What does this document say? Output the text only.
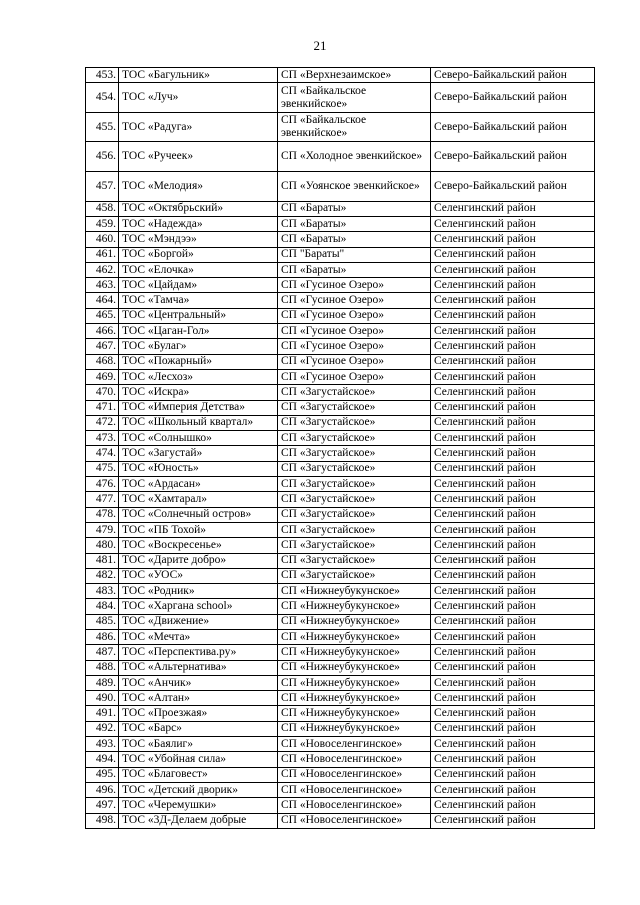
21
453.	ТОС «Багульник»	СП «Верхнезаимское»	Северо-Байкальский район
454.	ТОС «Луч»	СП «Байкальское эвенкийское»	Северо-Байкальский район
455.	ТОС «Радуга»	СП «Байкальское эвенкийское»	Северо-Байкальский район
456.	ТОС «Ручеек»	СП «Холодное эвенкийское»	Северо-Байкальский район
457.	ТОС «Мелодия»	СП «Уоянское эвенкийское»	Северо-Байкальский район
458.	ТОС «Октябрьский»	СП «Бараты»	Селенгинский район
459.	ТОС «Надежда»	СП «Бараты»	Селенгинский район
460.	ТОС «Мэндээ»	СП «Бараты»	Селенгинский район
461.	ТОС «Боргой»	СП "Бараты"	Селенгинский район
462.	ТОС «Елочка»	СП «Бараты»	Селенгинский район
463.	ТОС «Цайдам»	СП «Гусиное Озеро»	Селенгинский район
464.	ТОС «Тамча»	СП «Гусиное Озеро»	Селенгинский район
465.	ТОС «Центральный»	СП «Гусиное Озеро»	Селенгинский район
466.	ТОС «Цаган-Гол»	СП «Гусиное Озеро»	Селенгинский район
467.	ТОС «Булаг»	СП «Гусиное Озеро»	Селенгинский район
468.	ТОС «Пожарный»	СП «Гусиное Озеро»	Селенгинский район
469.	ТОС «Лесхоз»	СП «Гусиное Озеро»	Селенгинский район
470.	ТОС «Искра»	СП «Загустайское»	Селенгинский район
471.	ТОС «Империя Детства»	СП «Загустайское»	Селенгинский район
472.	ТОС «Школьный квартал»	СП «Загустайское»	Селенгинский район
473.	ТОС «Солнышко»	СП «Загустайское»	Селенгинский район
474.	ТОС «Загустай»	СП «Загустайское»	Селенгинский район
475.	ТОС «Юность»	СП «Загустайское»	Селенгинский район
476.	ТОС «Ардасан»	СП «Загустайское»	Селенгинский район
477.	ТОС «Хамтарал»	СП «Загустайское»	Селенгинский район
478.	ТОС «Солнечный остров»	СП «Загустайское»	Селенгинский район
479.	ТОС «ПБ Тохой»	СП «Загустайское»	Селенгинский район
480.	ТОС «Воскресенье»	СП «Загустайское»	Селенгинский район
481.	ТОС «Дарите добро»	СП «Загустайское»	Селенгинский район
482.	ТОС «УОС»	СП «Загустайское»	Селенгинский район
483.	ТОС «Родник»	СП «Нижнеубукунское»	Селенгинский район
484.	ТОС «Харгана school»	СП «Нижнеубукунское»	Селенгинский район
485.	ТОС «Движение»	СП «Нижнеубукунское»	Селенгинский район
486.	ТОС «Мечта»	СП «Нижнеубукунское»	Селенгинский район
487.	ТОС «Перспектива.ру»	СП «Нижнеубукунское»	Селенгинский район
488.	ТОС «Альтернатива»	СП «Нижнеубукунское»	Селенгинский район
489.	ТОС «Анчик»	СП «Нижнеубукунское»	Селенгинский район
490.	ТОС «Алтан»	СП «Нижнеубукунское»	Селенгинский район
491.	ТОС «Проезжая»	СП «Нижнеубукунское»	Селенгинский район
492.	ТОС «Барс»	СП «Нижнеубукунское»	Селенгинский район
493.	ТОС «Баялиг»	СП «Новоселенгинское»	Селенгинский район
494.	ТОС «Убойная сила»	СП «Новоселенгинское»	Селенгинский район
495.	ТОС «Благовест»	СП «Новоселенгинское»	Селенгинский район
496.	ТОС «Детский дворик»	СП «Новоселенгинское»	Селенгинский район
497.	ТОС «Черемушки»	СП «Новоселенгинское»	Селенгинский район
498.	ТОС «3Д-Делаем добрые	СП «Новоселенгинское»	Селенгинский район
